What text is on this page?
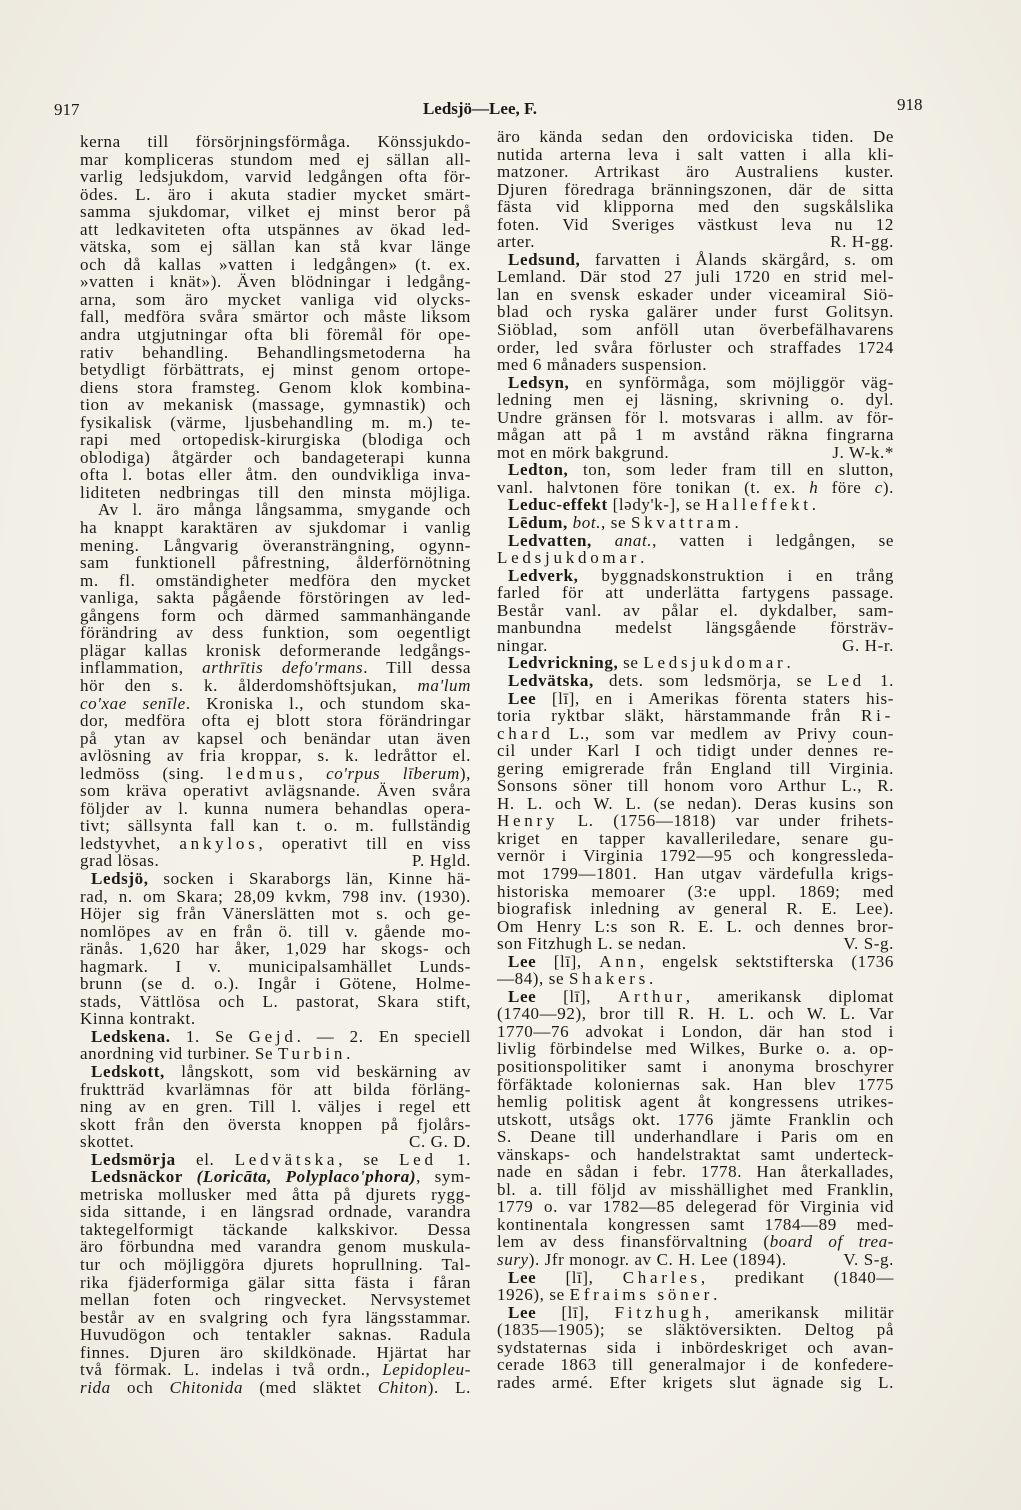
917	Ledsjö—Lee, F.	918
kerna till försörjningsförmåga. Könssjukdo-
mar kompliceras stundom med ej sällan all-
varlig ledsjukdom, varvid ledgången ofta för-
ödes. L. äro i akuta stadier mycket smärt-
samma sjukdomar, vilket ej minst beror på
att ledkaviteten ofta utspännes av ökad led-
vätska, som ej sällan kan stå kvar länge
och då kallas »vatten i ledgången» (t. ex.
»vatten i knät»). Även blödningar i ledgång-
arna, som äro mycket vanliga vid olycks-
fall, medföra svåra smärtor och måste liksom
andra utgjutningar ofta bli föremål för ope-
rativ behandling. Behandlingsmetoderna ha
betydligt förbättrats, ej minst genom ortope-
diens stora framsteg. Genom klok kombina-
tion av mekanisk (massage, gymnastik) och
fysikalisk (värme, ljusbehandling m. m.) te-
rapi med ortopedisk-kirurgiska (blodiga och
oblodiga) åtgärder och bandageterapi kunna
ofta l. botas eller åtm. den oundvikliga inva-
liditeten nedbringas till den minsta möjliga.
Av l. äro många långsamma, smygande och
ha knappt karaktären av sjukdomar i vanlig
mening. Långvarig överansträngning, ogynn-
sam funktionell påfrestning, ålderförnötning
m. fl. omständigheter medföra den mycket
vanliga, sakta pågående förstöringen av led-
gångens form och därmed sammanhängande
förändring av dess funktion, som oegentligt
plägar kallas kronisk deformerande ledgångs-
inflammation, arthrītis defo'rmans. Till dessa
hör den s. k. ålderdomshöftsjukan, ma'lum
co'xae senīle. Kroniska l., och stundom ska-
dor, medföra ofta ej blott stora förändringar
på ytan av kapsel och benändar utan även
avlösning av fria kroppar, s. k. ledråttor el.
ledmöss (sing. ledmus, co'rpus līberum),
som kräva operativt avlägsnande. Även svåra
följder av l. kunna numera behandlas opera-
tivt; sällsynta fall kan t. o. m. fullständig
ledstyvhet, ankylos, operativt till en viss
grad lösas.	P. Hgld.
Ledsjö, socken i Skaraborgs län, Kinne hä-
rad, n. om Skara; 28,09 kvkm, 798 inv. (1930).
Höjer sig från Vänerslätten mot s. och ge-
nomlöpes av en från ö. till v. gående mo-
ränås. 1,620 har åker, 1,029 har skogs- och
hagmark. I v. municipalsamhället Lunds-
brunn (se d. o.). Ingår i Götene, Holme-
stads, Vättlösa och L. pastorat, Skara stift,
Kinna kontrakt.
Ledskena. 1. Se Gejd. — 2. En speciell
anordning vid turbiner. Se Turbin.
Ledskott, långskott, som vid beskärning av
fruktträd kvarlämnas för att bilda förläng-
ning av en gren. Till l. väljes i regel ett
skott från den översta knoppen på fjolårs-
skottet.	C. G. D.
Ledsmörja el. Ledvätska, se Led 1.
Ledsnäckor (Loricāta, Polyplaco'phora), sym-
metriska mollusker med åtta på djurets rygg-
sida sittande, i en längsrad ordnade, varandra
taktegelformigt täckande kalkskivor. Dessa
äro förbundna med varandra genom muskula-
tur och möjliggöra djurets hoprullning. Tal-
rika fjäderformiga gälar sitta fästa i fåran
mellan foten och ringvecket. Nervsystemet
består av en svalgring och fyra längsstammar.
Huvudögon och tentakler saknas. Radula
finnes. Djuren äro skildkönade. Hjärtat har
två förmak. L. indelas i två ordn., Lepidopleu-
rida och Chitonida (med släktet Chiton). L.
äro kända sedan den ordoviciska tiden. De
nutida arterna leva i salt vatten i alla kli-
matzoner. Artrikast äro Australiens kuster.
Djuren föredraga bränningszonen, där de sitta
fästa vid klipporna med den sugskålslika
foten. Vid Sveriges västkust leva nu 12
arter.	R. H-gg.
Ledsund, farvatten i Ålands skärgård, s. om
Lemland. Där stod 27 juli 1720 en strid mel-
lan en svensk eskader under viceamiral Siö-
blad och ryska galärer under furst Golitsyn.
Siöblad, som anföll utan överbefälhavarens
order, led svåra förluster och straffades 1724
med 6 månaders suspension.
Ledsyn, en synförmåga, som möjliggör väg-
ledning men ej läsning, skrivning o. dyl.
Undre gränsen för l. motsvaras i allm. av för-
mågan att på 1 m avstånd räkna fingrarna
mot en mörk bakgrund.	J. W-k.*
Ledton, ton, som leder fram till en slutton,
vanl. halvtonen före tonikan (t. ex. h före c).
Leduc-effekt [lədy'k-], se Halleffekt.
Lēdum, bot., se Skvattram.
Ledvatten, anat., vatten i ledgången, se
Ledsjukdomar.
Ledverk, byggnadskonstruktion i en trång
farled för att underlätta fartygens passage.
Består vanl. av pålar el. dykdalber, sam-
manbundna medelst längsgående försträv-
ningar.	G. H-r.
Ledvrickning, se Ledsjukdomar.
Ledvätska, dets. som ledsmörja, se Led 1.
Lee [lī], en i Amerikas förenta staters his-
toria ryktbar släkt, härstammande från Ri-
chard L., som var medlem av Privy coun-
cil under Karl I och tidigt under dennes re-
gering emigrerade från England till Virginia.
Sonsons söner till honom voro Arthur L., R.
H. L. och W. L. (se nedan). Deras kusins son
Henry L. (1756—1818) var under frihets-
kriget en tapper kavalleriledare, senare gu-
vernör i Virginia 1792—95 och kongressleda-
mot 1799—1801. Han utgav värdefulla krigs-
historiska memoarer (3:e uppl. 1869; med
biografisk inledning av general R. E. Lee).
Om Henry L:s son R. E. L. och dennes bror-
son Fitzhugh L. se nedan.	V. S-g.
Lee [lī], Ann, engelsk sektstifterska (1736
—84), se Shakers.
Lee [lī], Arthur, amerikansk diplomat
(1740—92), bror till R. H. L. och W. L. Var
1770—76 advokat i London, där han stod i
livlig förbindelse med Wilkes, Burke o. a. op-
positionspolitiker samt i anonyma broschyrer
förfäktade koloniernas sak. Han blev 1775
hemlig politisk agent åt kongressens utrikes-
utskott, utsågs okt. 1776 jämte Franklin och
S. Deane till underhandlare i Paris om en
vänskaps- och handelstraktat samt underteck-
nade en sådan i febr. 1778. Han återkallades,
bl. a. till följd av misshällighet med Franklin,
1779 o. var 1782—85 delegerad för Virginia vid
kontinentala kongressen samt 1784—89 med-
lem av dess finansförvaltning (board of trea-
sury). Jfr monogr. av C. H. Lee (1894).	V. S-g.
Lee [lī], Charles, predikant (1840—
1926), se Efraims söner.
Lee [lī], Fitzhugh, amerikansk militär
(1835—1905); se släktöversikten. Deltog på
sydstaternas sida i inbördeskriget och avan-
cerade 1863 till generalmajor i de konfedere-
rades armé. Efter krigets slut ägnade sig L.
